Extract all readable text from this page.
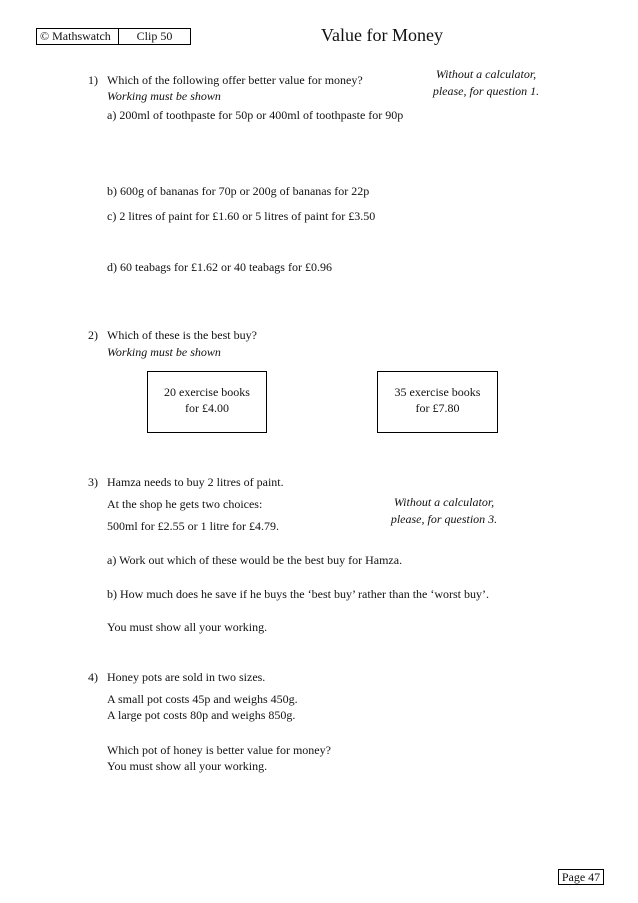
© Mathswatch	Clip 50	Value for Money
1) Which of the following offer better value for money?
Working must be shown
Without a calculator,
please, for question 1.
a) 200ml of toothpaste for 50p or 400ml of toothpaste for 90p
b) 600g of bananas for 70p or 200g of bananas for 22p
c) 2 litres of paint for £1.60 or 5 litres of paint for £3.50
d) 60 teabags for £1.62 or 40 teabags for £0.96
2) Which of these is the best buy?
Working must be shown
20 exercise books
for £4.00
35 exercise books
for £7.80
3) Hamza needs to buy 2 litres of paint.
At the shop he gets two choices:
500ml for £2.55 or 1 litre for £4.79.
Without a calculator,
please, for question 3.
a) Work out which of these would be the best buy for Hamza.
b) How much does he save if he buys the ‘best buy’ rather than the ‘worst buy’.
You must show all your working.
4) Honey pots are sold in two sizes.
A small pot costs 45p and weighs 450g.
A large pot costs 80p and weighs 850g.
Which pot of honey is better value for money?
You must show all your working.
Page 47
